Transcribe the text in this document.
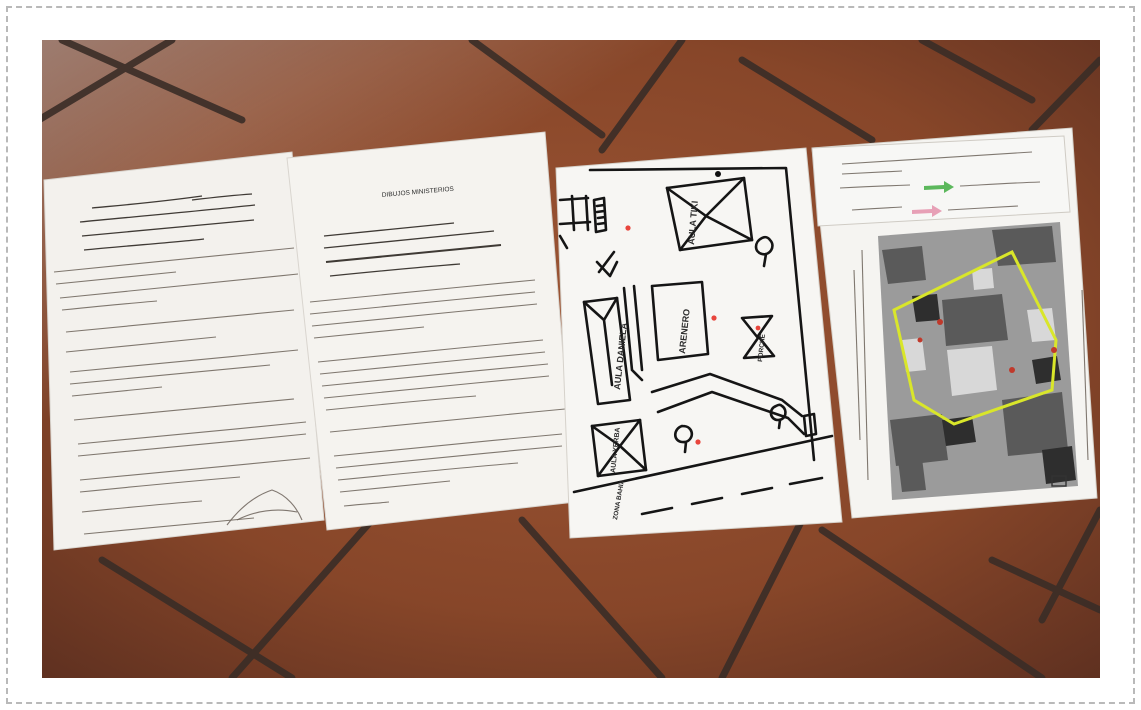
DIBUJOS MINISTERIOS
AULA TIKI
AULA DANIELA	ARENERO	PORCHE
AULA YERBA
ZONA BAHIA
